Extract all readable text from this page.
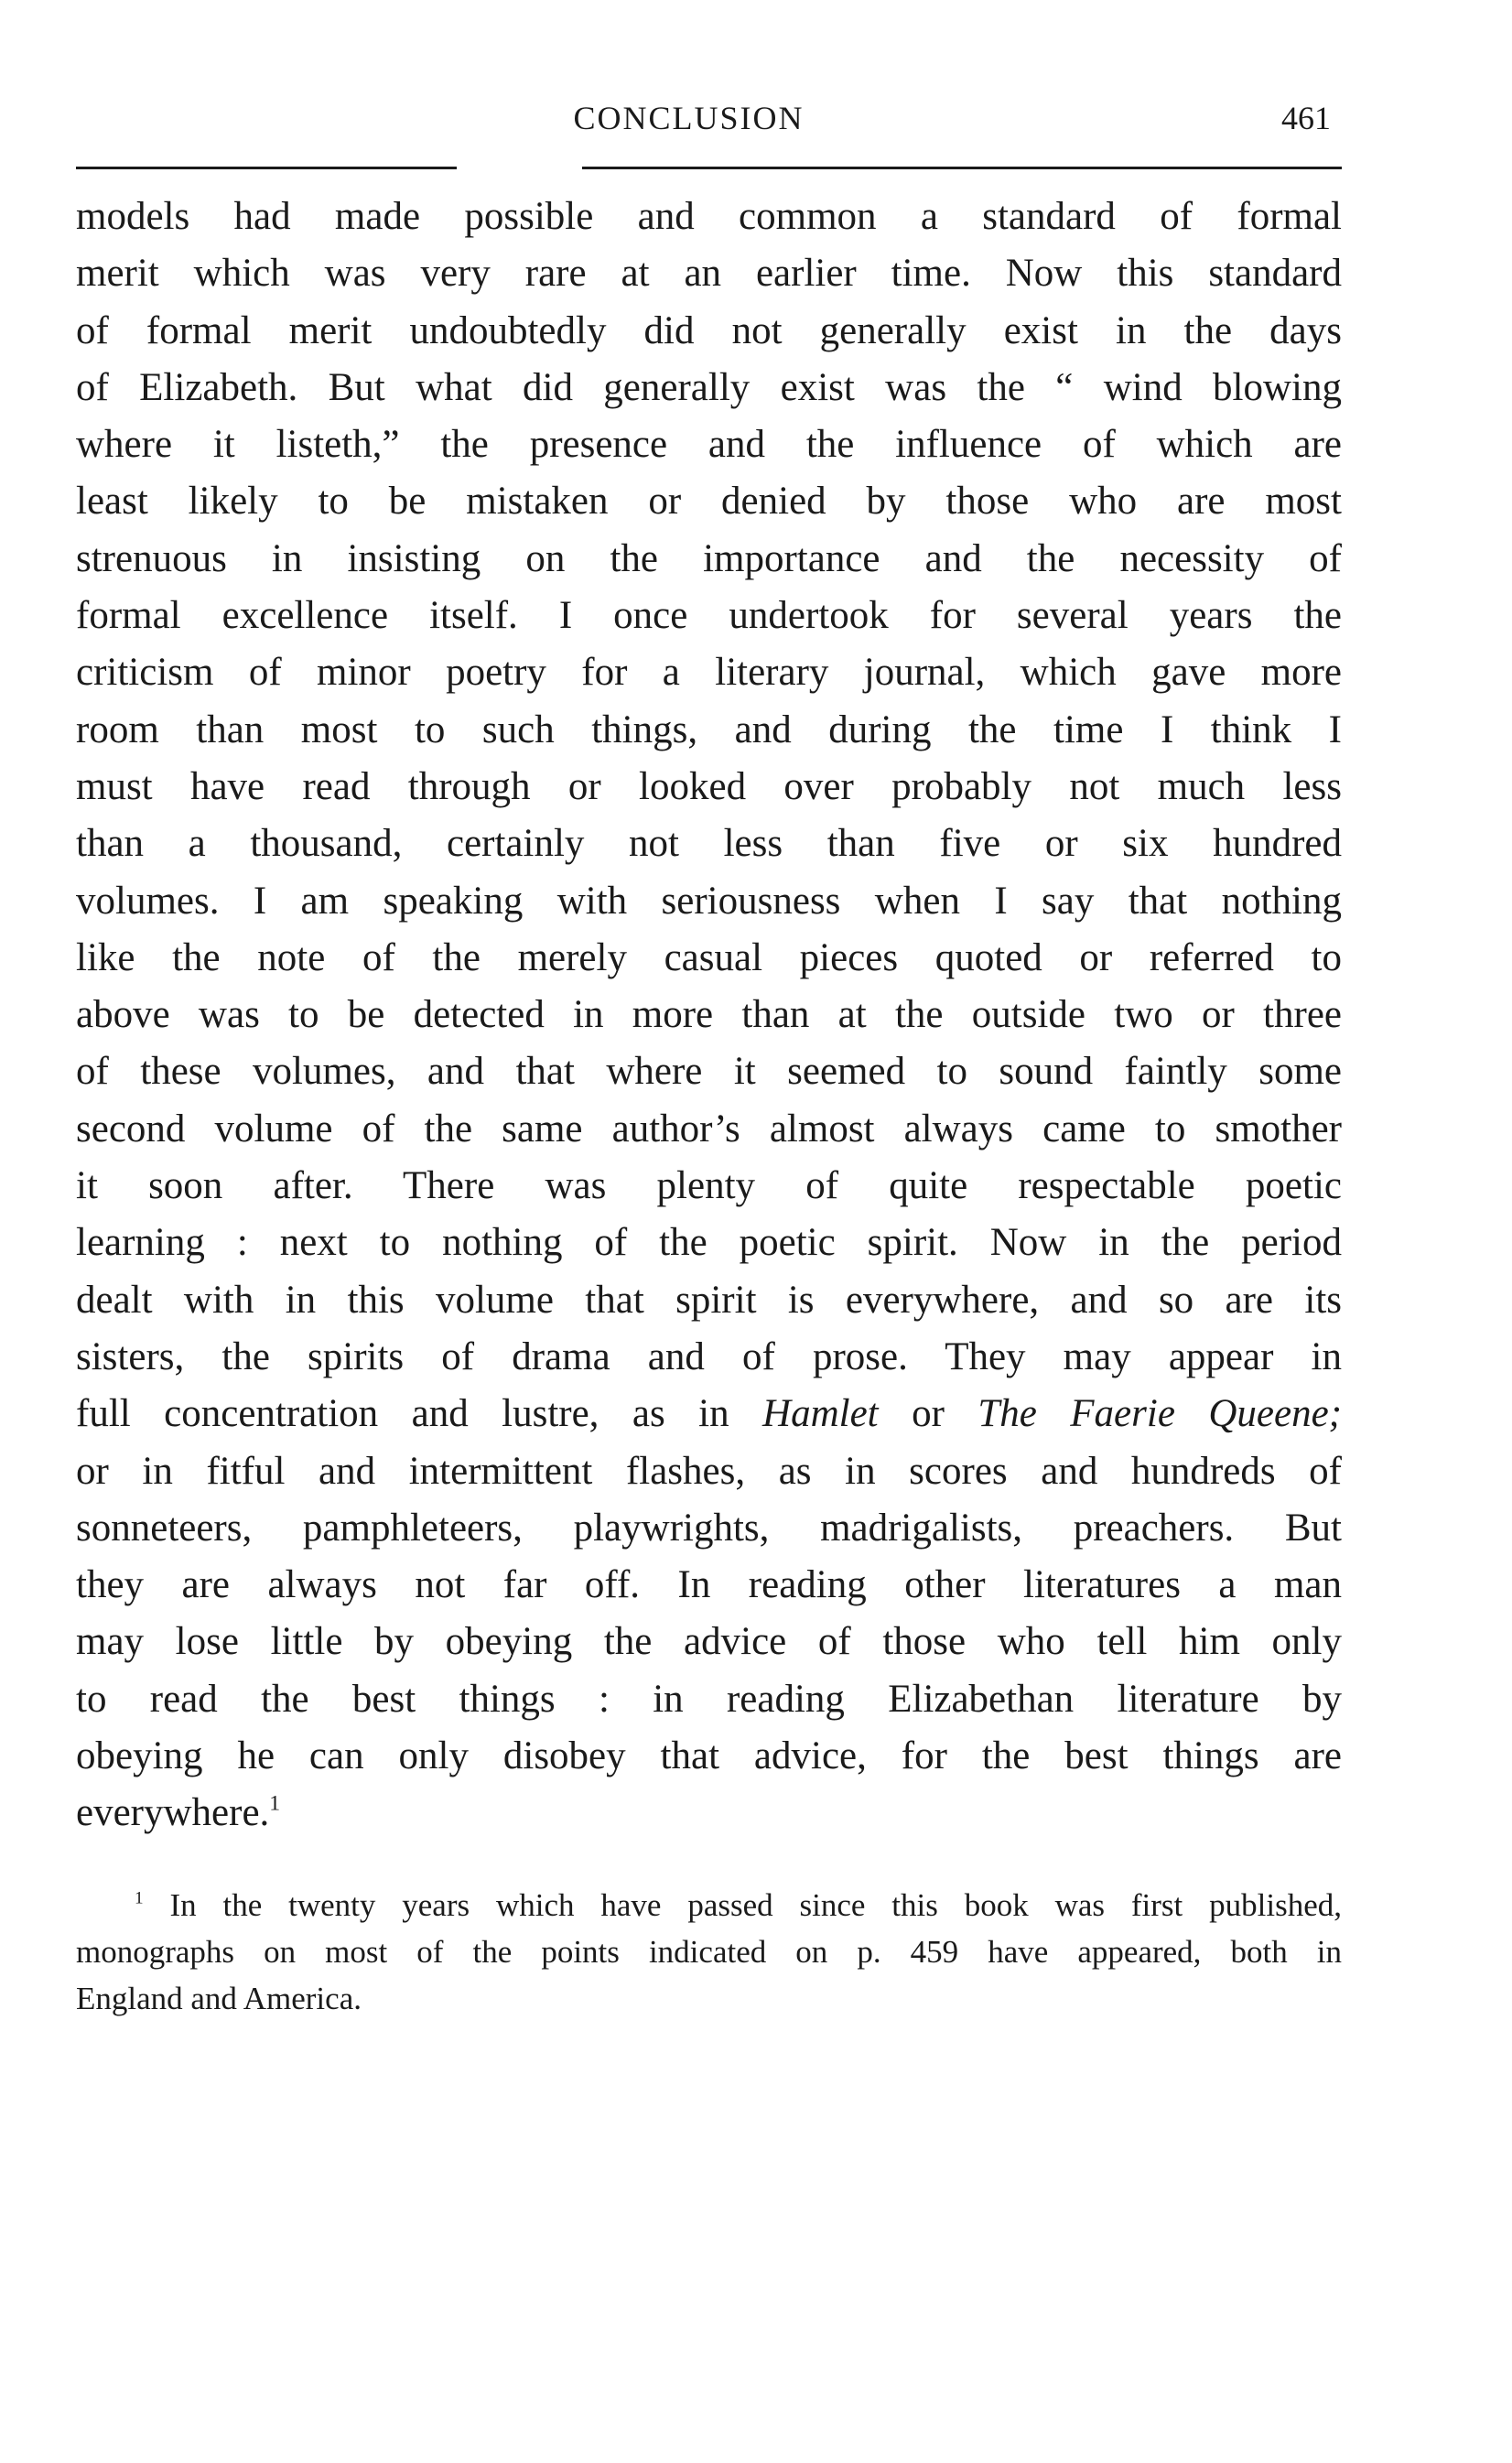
CONCLUSION	461
models had made possible and common a standard of formal
merit which was very rare at an earlier time. Now this standard
of formal merit undoubtedly did not generally exist in the days
of Elizabeth. But what did generally exist was the “ wind blowing
where it listeth,” the presence and the influence of which are
least likely to be mistaken or denied by those who are most
strenuous in insisting on the importance and the necessity of
formal excellence itself. I once undertook for several years the
criticism of minor poetry for a literary journal, which gave more
room than most to such things, and during the time I think I
must have read through or looked over probably not much less
than a thousand, certainly not less than five or six hundred
volumes. I am speaking with seriousness when I say that nothing
like the note of the merely casual pieces quoted or referred to
above was to be detected in more than at the outside two or three
of these volumes, and that where it seemed to sound faintly some
second volume of the same author’s almost always came to smother
it soon after. There was plenty of quite respectable poetic
learning : next to nothing of the poetic spirit. Now in the period
dealt with in this volume that spirit is everywhere, and so are its
sisters, the spirits of drama and of prose. They may appear in
full concentration and lustre, as in Hamlet or The Faerie Queene;
or in fitful and intermittent flashes, as in scores and hundreds of
sonneteers, pamphleteers, playwrights, madrigalists, preachers. But
they are always not far off. In reading other literatures a man
may lose little by obeying the advice of those who tell him only
to read the best things : in reading Elizabethan literature by
obeying he can only disobey that advice, for the best things are
everywhere.$^1$
$^1$ In the twenty years which have passed since this book was first published,
monographs on most of the points indicated on p. 459 have appeared, both in
England and America.
